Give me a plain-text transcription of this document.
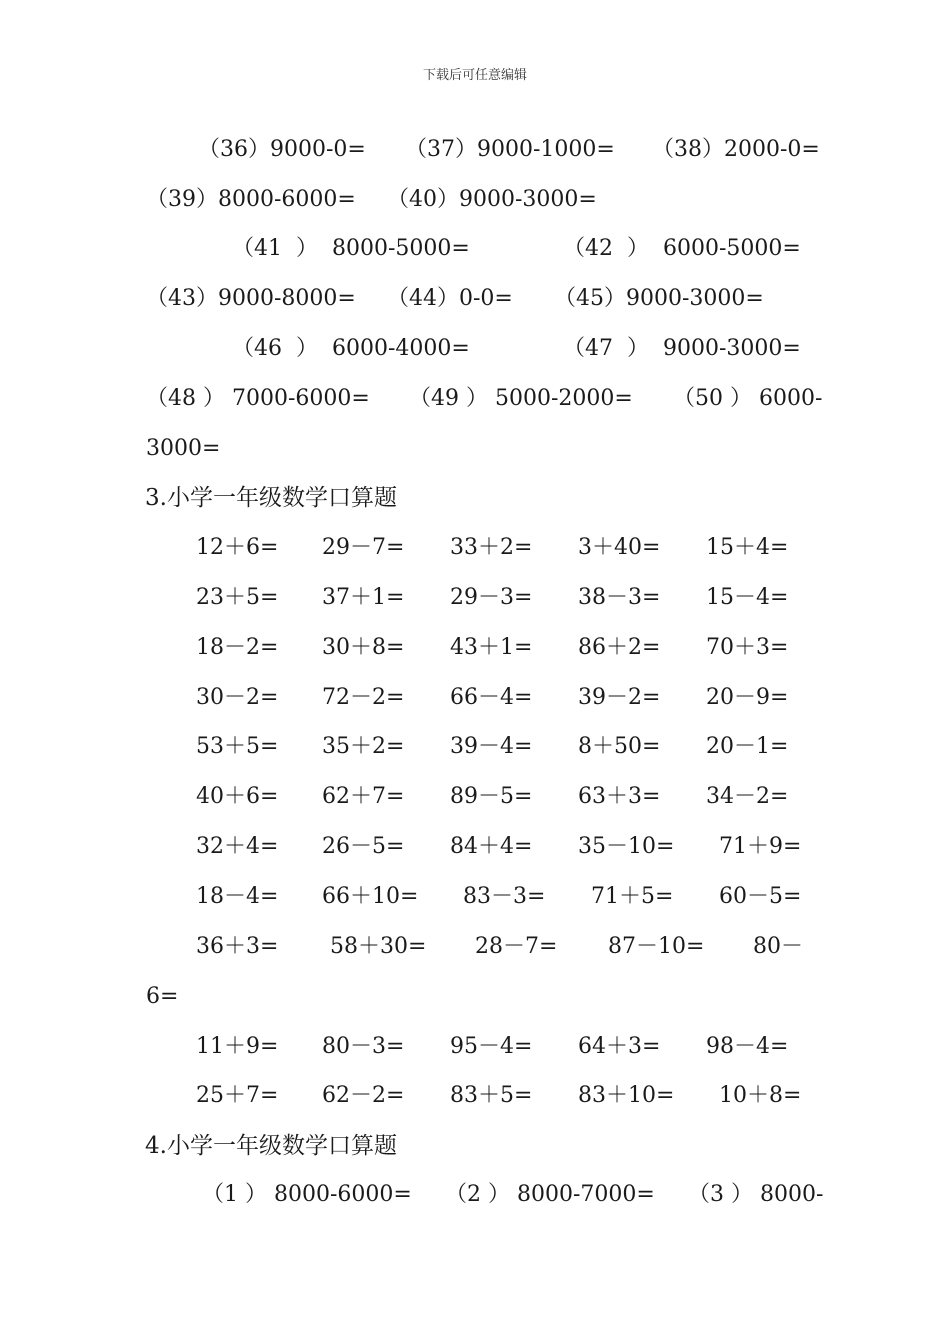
下载后可任意编辑
（36）9000-0= （37）9000-1000= （38）2000-0=
（39）8000-6000= （40）9000-3000=
（41  ）  8000-5000=	（42  ）  6000-5000=
（43）9000-8000= （44）0-0= （45）9000-3000=
（46  ）  6000-4000=	（47  ）  9000-3000=
（48 ） 7000-6000= （49 ） 5000-2000= （50 ） 6000-
3000=
3.小学一年级数学口算题
12＋6= 29－7= 33＋2= 3＋40= 15＋4=
23＋5= 37＋1= 29－3= 38－3= 15－4=
18－2= 30＋8= 43＋1= 86＋2= 70＋3=
30－2= 72－2= 66－4= 39－2= 20－9=
53＋5= 35＋2= 39－4= 8＋50= 20－1=
40＋6= 62＋7= 89－5= 63＋3= 34－2=
32＋4= 26－5= 84＋4= 35－10= 71＋9=
18－4= 66＋10= 83－3= 71＋5= 60－5=
36＋3= 58＋30= 28－7= 87－10= 80－
6=
11＋9= 80－3= 95－4= 64＋3= 98－4=
25＋7= 62－2= 83＋5= 83＋10= 10＋8=
4.小学一年级数学口算题
（1 ） 8000-6000= （2 ） 8000-7000= （3 ） 8000-
